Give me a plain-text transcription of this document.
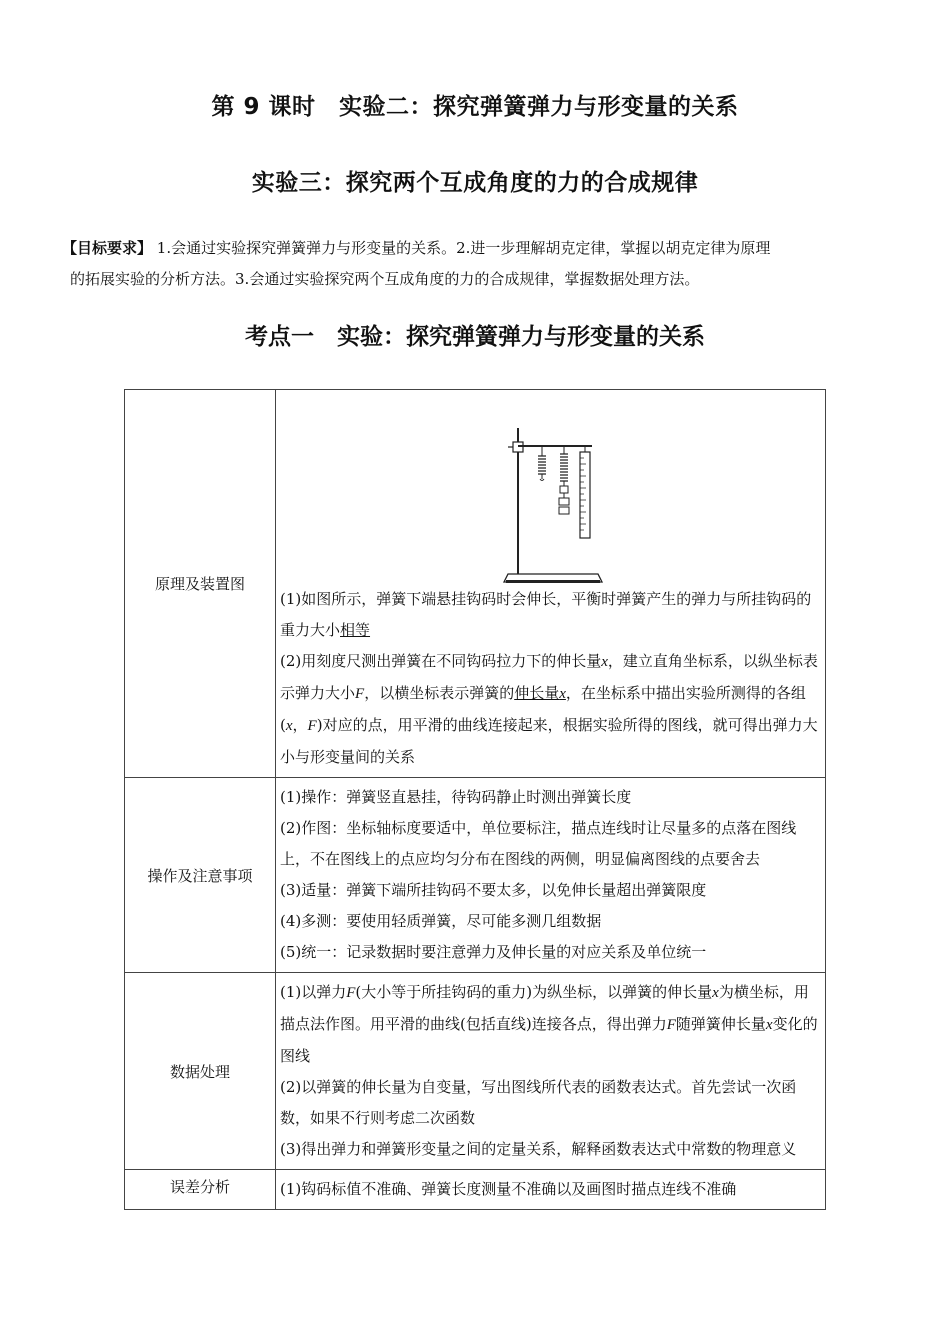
第 9 课时　实验二：探究弹簧弹力与形变量的关系
实验三：探究两个互成角度的力的合成规律
【目标要求】 1.会通过实验探究弹簧弹力与形变量的关系。2.进一步理解胡克定律，掌握以胡克定律为原理
的拓展实验的分析方法。3.会通过实验探究两个互成角度的力的合成规律，掌握数据处理方法。
考点一　实验：探究弹簧弹力与形变量的关系
原理及装置图	(1)如图所示，弹簧下端悬挂钩码时会伸长，平衡时弹簧产生的弹力与所挂钩码的重力大小相等
(2)用刻度尺测出弹簧在不同钩码拉力下的伸长量x，建立直角坐标系，以纵坐标表示弹力大小F，以横坐标表示弹簧的伸长量x，在坐标系中描出实验所测得的各组(x，F)对应的点，用平滑的曲线连接起来，根据实验所得的图线，就可得出弹力大小与形变量间的关系

操作及注意事项	(1)操作：弹簧竖直悬挂，待钩码静止时测出弹簧长度
(2)作图：坐标轴标度要适中，单位要标注，描点连线时让尽量多的点落在图线上，不在图线上的点应均匀分布在图线的两侧，明显偏离图线的点要舍去
(3)适量：弹簧下端所挂钩码不要太多，以免伸长量超出弹簧限度
(4)多测：要使用轻质弹簧，尽可能多测几组数据
(5)统一：记录数据时要注意弹力及伸长量的对应关系及单位统一

数据处理	(1)以弹力F(大小等于所挂钩码的重力)为纵坐标，以弹簧的伸长量x为横坐标，用描点法作图。用平滑的曲线(包括直线)连接各点，得出弹力F随弹簧伸长量x变化的图线
(2)以弹簧的伸长量为自变量，写出图线所代表的函数表达式。首先尝试一次函数，如果不行则考虑二次函数
(3)得出弹力和弹簧形变量之间的定量关系，解释函数表达式中常数的物理意义

误差分析	(1)钩码标值不准确、弹簧长度测量不准确以及画图时描点连线不准确
